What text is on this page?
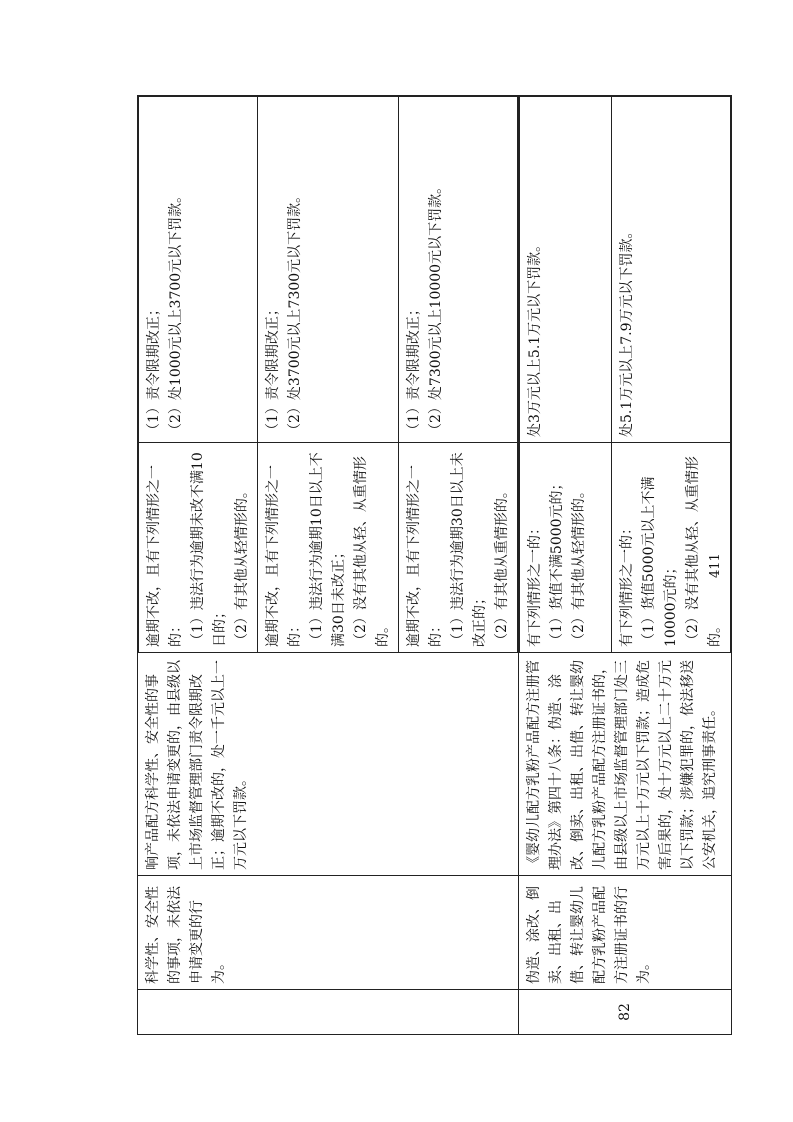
	科学性、安全性的事项，未依法申请变更的行为。	响产品配方科学性、安全性的事项，未依法申请变更的，由县级以上市场监督管理部门责令限期改正；逾期不改的，处一千元以上一万元以下罚款。	
逾期不改，且有下列情形之一的：
（1）违法行为逾期未改不满10日的；
（2）有其他从轻情形的。	（1）责令限期改正；
（2）处1000元以上3700元以下罚款。
逾期不改，且有下列情形之一的：
（1）违法行为逾期10日以上不满30日未改正；
（2）没有其他从轻、从重情形的。	（1）责令限期改正；
（2）处3700元以上7300元以下罚款。
逾期不改，且有下列情形之一的：
（1）违法行为逾期30日以上未改正的；
（2）有其他从重情形的。	（1）责令限期改正；
（2）处7300元以上10000元以下罚款。

82	伪造、涂改、倒卖、出租、出借、转让婴幼儿配方乳粉产品配方注册证书的行为。	《婴幼儿配方乳粉产品配方注册管理办法》第四十八条：伪造、涂改、倒卖、出租、出借、转让婴幼儿配方乳粉产品配方注册证书的，由县级以上市场监督管理部门处三万元以上十万元以下罚款；造成危害后果的，处十万元以上二十万元以下罚款；涉嫌犯罪的，依法移送公安机关，追究刑事责任。	
有下列情形之一的：
（1）货值不满5000元的；
（2）有其他从轻情形的。	处3万元以上5.1万元以下罚款。
有下列情形之一的：
（1）货值5000元以上不满10000元的；
（2）没有其他从轻、从重情形的。	处5.1万元以上7.9万元以下罚款。
411
